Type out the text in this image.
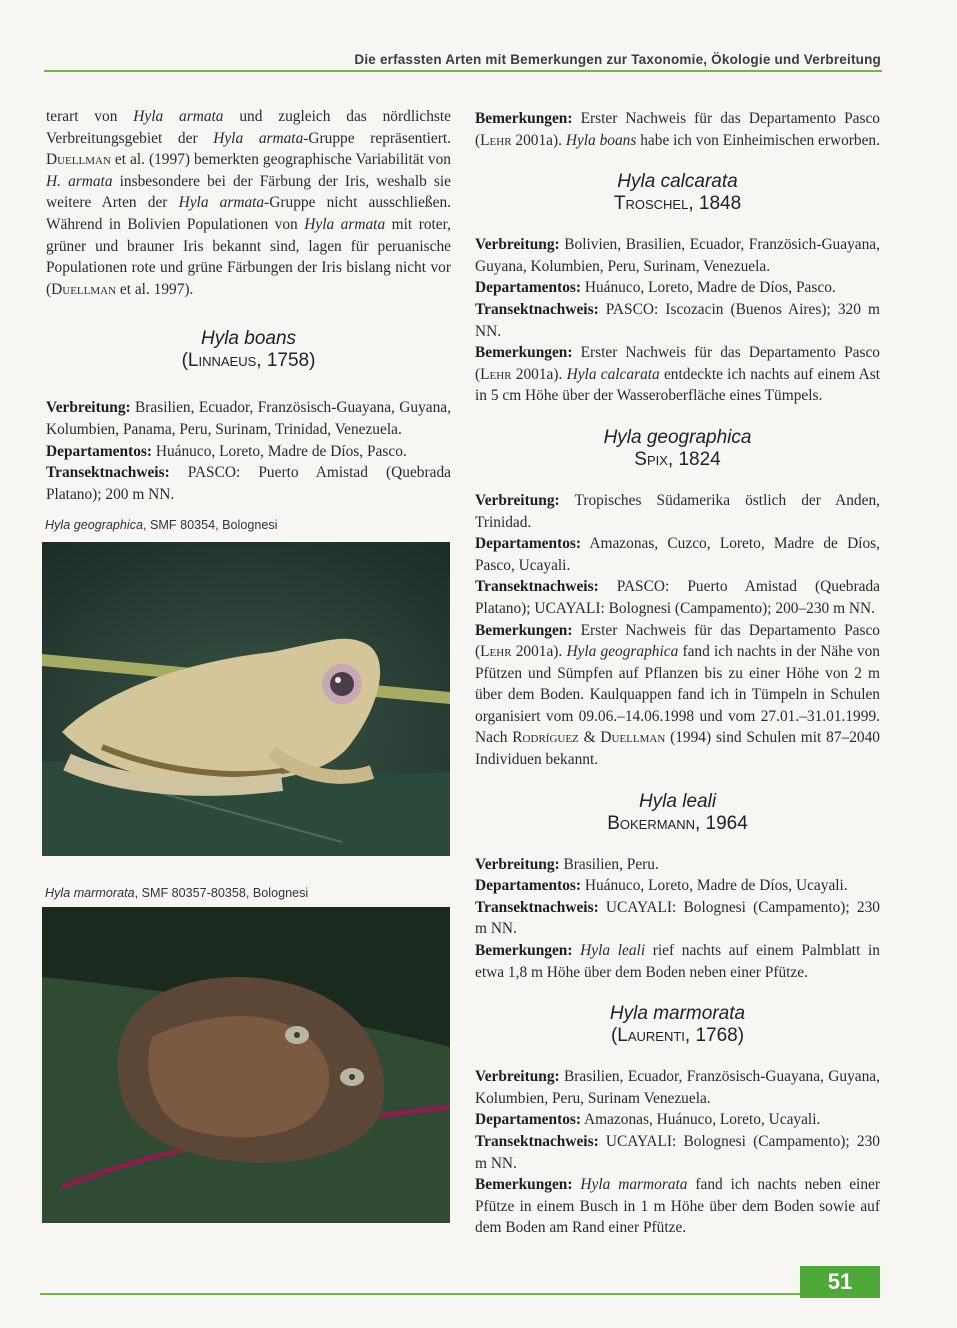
Die erfassten Arten mit Bemerkungen zur Taxonomie, Ökologie und Verbreitung

terart von Hyla armata und zugleich das nördlichste Verbreitungsgebiet der Hyla armata-Gruppe repräsentiert. Duellman et al. (1997) bemerkten geographische Variabilität von H. armata insbesondere bei der Färbung der Iris, weshalb sie weitere Arten der Hyla armata-Gruppe nicht ausschließen. Während in Bolivien Populationen von Hyla armata mit roter, grüner und brauner Iris bekannt sind, lagen für peruanische Populationen rote und grüne Färbungen der Iris bislang nicht vor (Duellman et al. 1997).

Hyla boans
(Linnaeus, 1758)

Verbreitung: Brasilien, Ecuador, Französisch-Guayana, Guyana, Kolumbien, Panama, Peru, Surinam, Trinidad, Venezuela.

Departamentos: Huánuco, Loreto, Madre de Díos, Pasco.

Transektnachweis: PASCO: Puerto Amistad (Quebrada Platano); 200 m NN.

Hyla geographica, SMF 80354, Bolognesi
Hyla marmorata, SMF 80357-80358, Bolognesi

Bemerkungen: Erster Nachweis für das Departamento Pasco (Lehr 2001a). Hyla boans habe ich von Einheimischen erworben.

Hyla calcarata
Troschel, 1848

Verbreitung: Bolivien, Brasilien, Ecuador, Französich-Guayana, Guyana, Kolumbien, Peru, Surinam, Venezuela.

Departamentos: Huánuco, Loreto, Madre de Díos, Pasco.

Transektnachweis: PASCO: Iscozacin (Buenos Aires); 320 m NN.

Bemerkungen: Erster Nachweis für das Departamento Pasco (Lehr 2001a). Hyla calcarata entdeckte ich nachts auf einem Ast in 5 cm Höhe über der Wasseroberfläche eines Tümpels.

Hyla geographica
Spix, 1824

Verbreitung: Tropisches Südamerika östlich der Anden, Trinidad.

Departamentos: Amazonas, Cuzco, Loreto, Madre de Díos, Pasco, Ucayali.

Transektnachweis: PASCO: Puerto Amistad (Quebrada Platano); UCAYALI: Bolognesi (Campamento); 200–230 m NN.

Bemerkungen: Erster Nachweis für das Departamento Pasco (Lehr 2001a). Hyla geographica fand ich nachts in der Nähe von Pfützen und Sümpfen auf Pflanzen bis zu einer Höhe von 2 m über dem Boden. Kaulquappen fand ich in Tümpeln in Schulen organisiert vom 09.06.–14.06.1998 und vom 27.01.–31.01.1999. Nach Rodríguez & Duellman (1994) sind Schulen mit 87–2040 Individuen bekannt.

Hyla leali
Bokermann, 1964

Verbreitung: Brasilien, Peru.

Departamentos: Huánuco, Loreto, Madre de Díos, Ucayali.

Transektnachweis: UCAYALI: Bolognesi (Campamento); 230 m NN.

Bemerkungen: Hyla leali rief nachts auf einem Palmblatt in etwa 1,8 m Höhe über dem Boden neben einer Pfütze.

Hyla marmorata
(Laurenti, 1768)

Verbreitung: Brasilien, Ecuador, Französisch-Guayana, Guyana, Kolumbien, Peru, Surinam Venezuela.

Departamentos: Amazonas, Huánuco, Loreto, Ucayali.

Transektnachweis: UCAYALI: Bolognesi (Campamento); 230 m NN.

Bemerkungen: Hyla marmorata fand ich nachts neben einer Pfütze in einem Busch in 1 m Höhe über dem Boden sowie auf dem Boden am Rand einer Pfütze.

51
